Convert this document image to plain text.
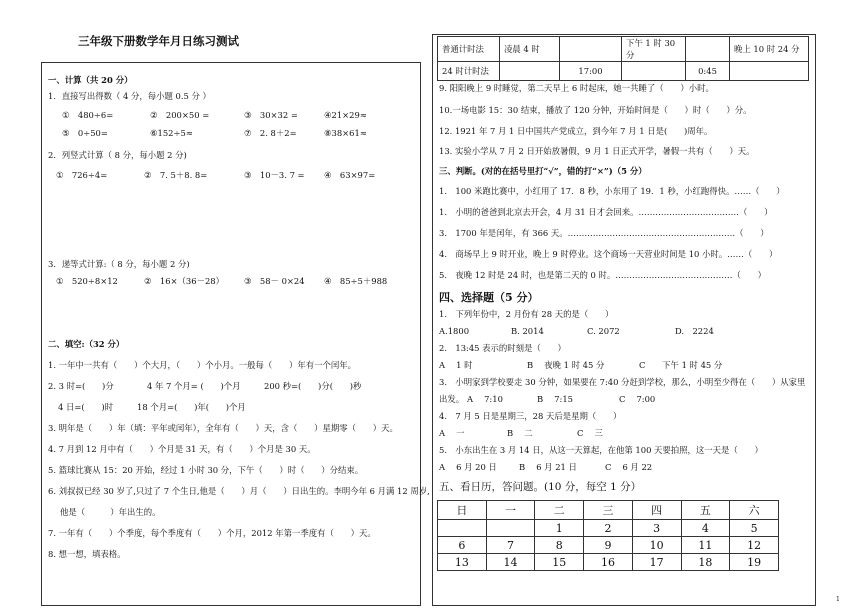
三年级下册数学年月日练习测试
一、计算（共 20 分）
1．直接写出得数（ 4 分，每小题 0.5 分 ）
①　480÷6=	②　200×50 =	③　30×32 =	④21×29≈
⑤　0÷50=	⑥152÷5≈	⑦　2. 8＋2=	⑧38×61≈
2．列竖式计算（ 8 分，每小题 2 分)
①　726÷4=	②　7. 5＋8. 8=	③　10－3. 7 = ④　63×97=
3．递等式计算:（ 8 分，每小题 2 分)
①　520÷8×12	②　16×（36－28） ③　58－ 0×24 ④　85÷5＋988
二、填空:（32 分）
1. 一年中一共有（　　）个大月，（　　）个小月。一般每（　　）年有一个闰年。
2. 3 时=(　　)分	4 年 7 个月= (　　)个月	200 秒=(　　)分(　　)秒
4 日=(　　)时	18 个月=(　　)年(　　)个月
3. 明年是（　　）年（填：平年或闰年），全年有（　　）天，含（　　）星期零（　　）天。
4. 7 月到 12 月中有（　　）个月是 31 天，有（　　）个月是 30 天。
5. 篮球比赛从 15：20 开始，经过 1 小时 30 分，下午（　　）时（　　）分结束。
6. 刘叔叔已经 30 岁了,只过了 7 个生日,他是（　　）月（　　）日出生的。李明今年 6 月满 12 周岁,
他是（　　　）年出生的。
7. 一年有（　　）个季度，每个季度有（　　）个月，2012 年第一季度有（　　）天。
8. 想一想，填表格。
普通计时法	凌晨 4 时		下午 1 时 30 分		晚上 10 时 24 分
24 时计时法		17:00		0:45	
9. 阳阳晚上 9 时睡觉，第二天早上 6 时起床，她一共睡了（　　）小时。
10.一场电影 15：30 结束，播放了 120 分钟，开始时间是（　　）时（　　）分。
12. 1921 年 7 月 1 日中国共产党成立，到今年 7 月 1 日是(　　)周年。
13. 实验小学从 7 月 2 日开始放暑假，9 月 1 日正式开学，暑假一共有（　　）天。
三、判断。(对的在括号里打“√”，错的打“×”)（5 分）
1.　100 米跑比赛中，小红用了 17．8 秒，小东用了 19．1 秒，小红跑得快。……（　　）
1.　小明的爸爸到北京去开会，4 月 31 日才会回来。………………………………（　　）
3.　1700 年是闰年，有 366 天。……………………………………………………（　　）
4.　商场早上 9 时开业，晚上 9 时停业。这个商场一天营业时间是 10 小时。……（　　）
5.　夜晚 12 时是 24 时，也是第二天的 0 时。……………………………………（　　）
四、选择题（5 分）
1.　下列年份中，2 月份有 28 天的是（　　）
A.1800	B. 2014	C. 2072	D.　2224
2.　13:45 表示的时刻是（　　）
A　 1 时	B　 夜晚 1 时 45 分	C　　下午 1 时 45 分
3.　小明家到学校要走 30 分钟，如果要在 7:40 分赶到学校，那么，小明至少得在（　　）从家里
出发。 A　 7:10	B　 7:15	C　 7:00
4.　7 月 5 日是星期三，28 天后是星期（　　）
A　 一	B　 二	C　 三
5.　小东出生在 3 月 14 日，从这一天算起，在他第 100 天要拍照，这一天是（　　）
A　 6 月 20 日	B　 6 月 21 日	C　 6 月 22
五、看日历，答问题。(10 分，每空 1 分）
日	一	二	三	四	五	六
		1	2	3	4	5
6	7	8	9	10	11	12
13	14	15	16	17	18	19
1
